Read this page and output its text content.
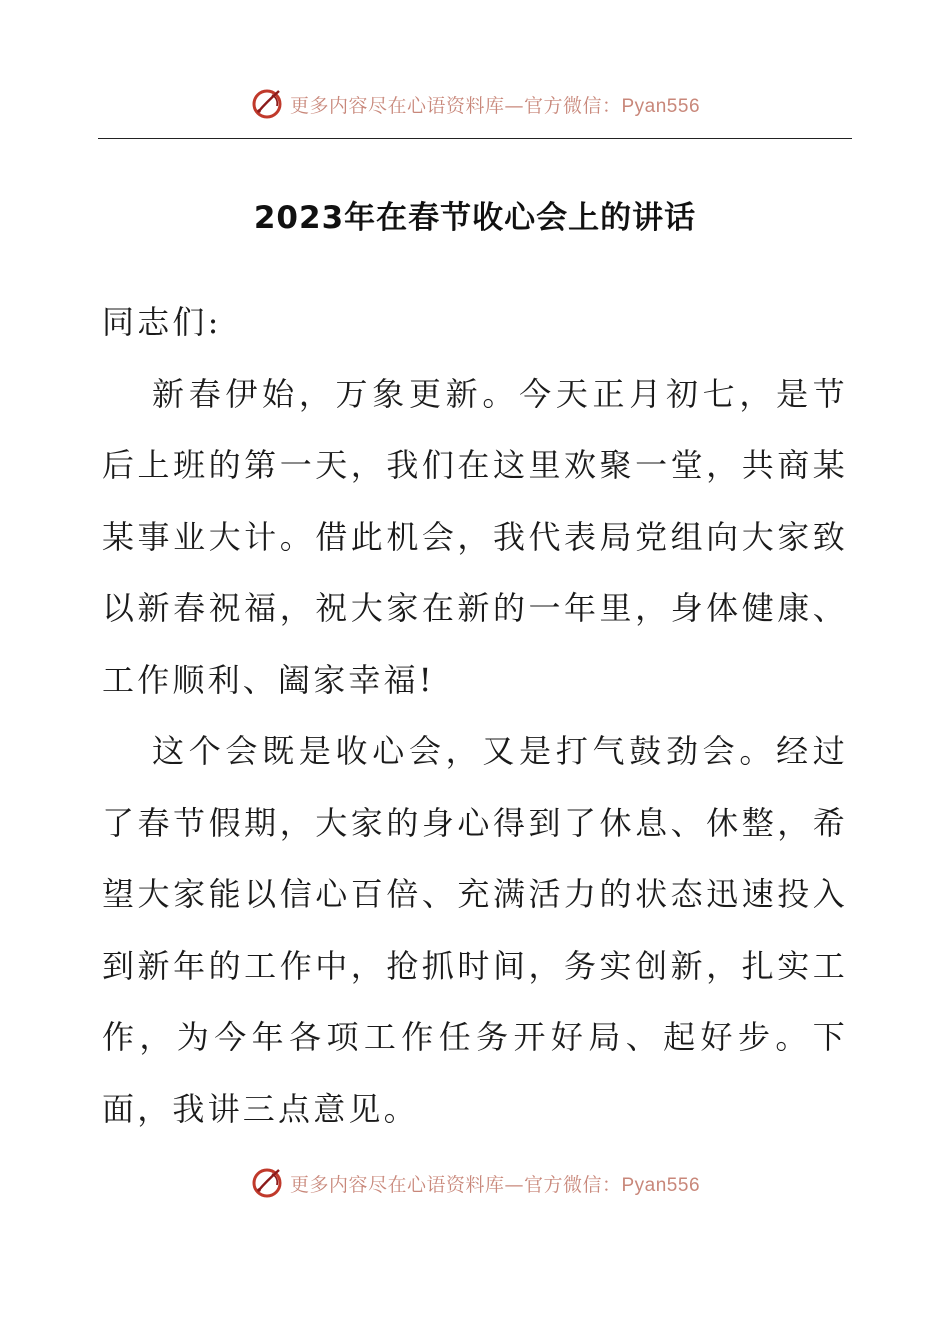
更多内容尽在心语资料库—官方微信：Pyan556
2023年在春节收心会上的讲话

同志们:

新春伊始，万象更新。今天正月初七，是节后上班的第一天，我们在这里欢聚一堂，共商某某事业大计。借此机会，我代表局党组向大家致以新春祝福，祝大家在新的一年里，身体健康、工作顺利、阖家幸福!

这个会既是收心会，又是打气鼓劲会。经过了春节假期，大家的身心得到了休息、休整，希望大家能以信心百倍、充满活力的状态迅速投入到新年的工作中，抢抓时间，务实创新，扎实工作，为今年各项工作任务开好局、起好步。下面，我讲三点意见。

更多内容尽在心语资料库—官方微信：Pyan556
